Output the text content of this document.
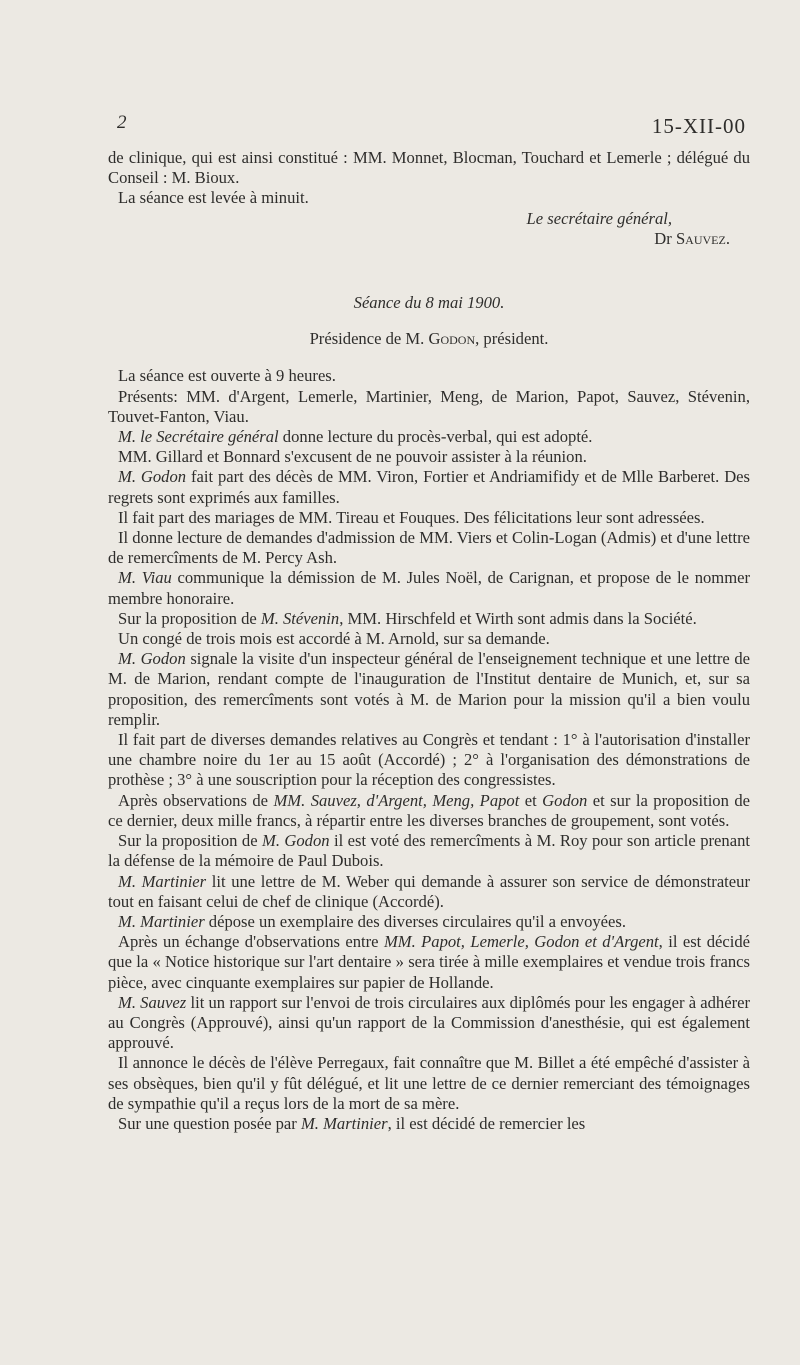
2	15-XII-00

de clinique, qui est ainsi constitué : MM. Monnet, Blocman, Touchard et Lemerle ; délégué du Conseil : M. Bioux.

La séance est levée à minuit.

Le secrétaire général,

Dr Sauvez.

Séance du 8 mai 1900.

Présidence de M. Godon, président.

La séance est ouverte à 9 heures.

Présents: MM. d'Argent, Lemerle, Martinier, Meng, de Marion, Papot, Sauvez, Stévenin, Touvet-Fanton, Viau.

M. le Secrétaire général donne lecture du procès-verbal, qui est adopté.

MM. Gillard et Bonnard s'excusent de ne pouvoir assister à la réunion.

M. Godon fait part des décès de MM. Viron, Fortier et Andriamifidy et de Mlle Barberet. Des regrets sont exprimés aux familles.

Il fait part des mariages de MM. Tireau et Fouques. Des félicitations leur sont adressées.

Il donne lecture de demandes d'admission de MM. Viers et Colin-Logan (Admis) et d'une lettre de remercîments de M. Percy Ash.

M. Viau communique la démission de M. Jules Noël, de Carignan, et propose de le nommer membre honoraire.

Sur la proposition de M. Stévenin, MM. Hirschfeld et Wirth sont admis dans la Société.

Un congé de trois mois est accordé à M. Arnold, sur sa demande.

M. Godon signale la visite d'un inspecteur général de l'enseignement technique et une lettre de M. de Marion, rendant compte de l'inauguration de l'Institut dentaire de Munich, et, sur sa proposition, des remercîments sont votés à M. de Marion pour la mission qu'il a bien voulu remplir.

Il fait part de diverses demandes relatives au Congrès et tendant : 1° à l'autorisation d'installer une chambre noire du 1er au 15 août (Accordé) ; 2° à l'organisation des démonstrations de prothèse ; 3° à une souscription pour la réception des congressistes.

Après observations de MM. Sauvez, d'Argent, Meng, Papot et Godon et sur la proposition de ce dernier, deux mille francs, à répartir entre les diverses branches de groupement, sont votés.

Sur la proposition de M. Godon il est voté des remercîments à M. Roy pour son article prenant la défense de la mémoire de Paul Dubois.

M. Martinier lit une lettre de M. Weber qui demande à assurer son service de démonstrateur tout en faisant celui de chef de clinique (Accordé).

M. Martinier dépose un exemplaire des diverses circulaires qu'il a envoyées.

Après un échange d'observations entre MM. Papot, Lemerle, Godon et d'Argent, il est décidé que la « Notice historique sur l'art dentaire » sera tirée à mille exemplaires et vendue trois francs pièce, avec cinquante exemplaires sur papier de Hollande.

M. Sauvez lit un rapport sur l'envoi de trois circulaires aux diplômés pour les engager à adhérer au Congrès (Approuvé), ainsi qu'un rapport de la Commission d'anesthésie, qui est également approuvé.

Il annonce le décès de l'élève Perregaux, fait connaître que M. Billet a été empêché d'assister à ses obsèques, bien qu'il y fût délégué, et lit une lettre de ce dernier remerciant des témoignages de sympathie qu'il a reçus lors de la mort de sa mère.

Sur une question posée par M. Martinier, il est décidé de remercier les
